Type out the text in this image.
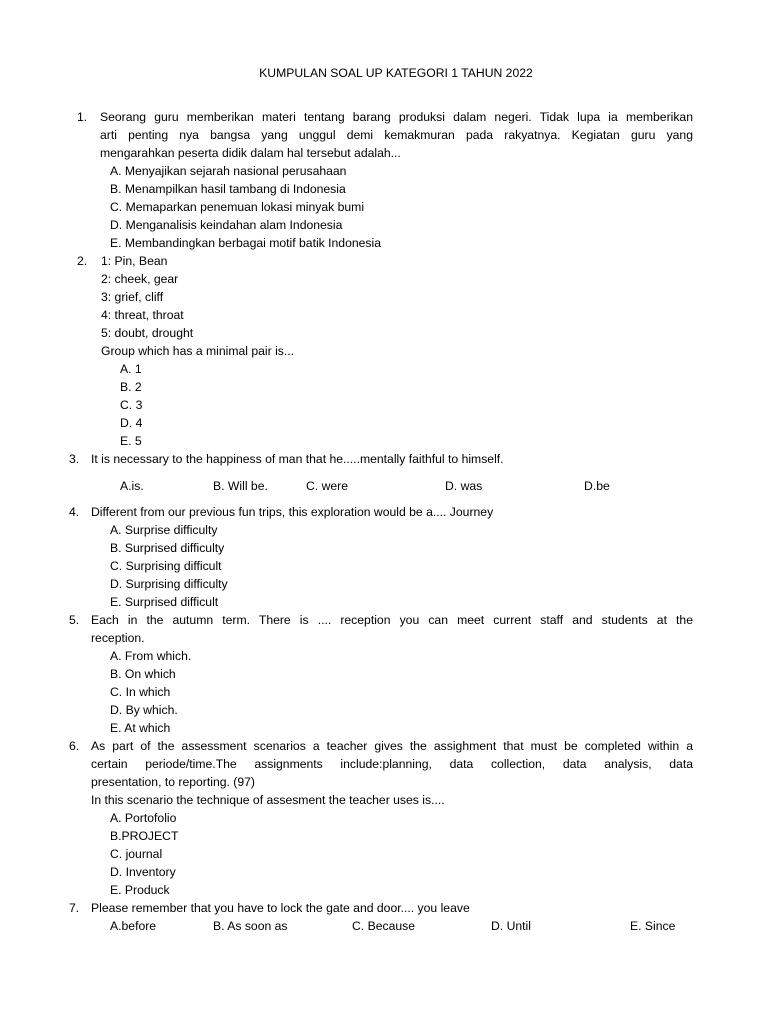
KUMPULAN SOAL UP KATEGORI 1 TAHUN 2022
1. Seorang guru memberikan materi tentang barang produksi dalam negeri. Tidak lupa ia memberikan
arti penting nya bangsa yang unggul demi kemakmuran pada rakyatnya. Kegiatan guru yang
mengarahkan peserta didik dalam hal tersebut adalah...
A. Menyajikan sejarah nasional perusahaan
B. Menampilkan hasil tambang di Indonesia
C. Memaparkan penemuan lokasi minyak bumi
D. Menganalisis keindahan alam Indonesia
E. Membandingkan berbagai motif batik Indonesia
2. 1: Pin, Bean
2: cheek, gear
3: grief, cliff
4: threat, throat
5: doubt, drought
Group which has a minimal pair is...
A. 1
B. 2
C. 3
D. 4
E. 5
3. It is necessary to the happiness of man that he.....mentally faithful to himself.
A.is.	B. Will be.	C. were	D. was	D.be
4. Different from our previous fun trips, this exploration would be a.... Journey
A. Surprise difficulty
B. Surprised difficulty
C. Surprising difficult
D. Surprising difficulty
E. Surprised difficult
5. Each in the autumn term. There is .... reception you can meet current staff and students at the
reception.
A. From which.
B. On which
C. In which
D. By which.
E. At which
6. As part of the assessment scenarios a teacher gives the assighment that must be completed within a
certain periode/time.The assignments include:planning, data collection, data analysis, data
presentation, to reporting. (97)
In this scenario the technique of assesment the teacher uses is....
A. Portofolio
B.PROJECT
C. journal
D. Inventory
E. Produck
7. Please remember that you have to lock the gate and door.... you leave
A.before	B. As soon as	C. Because	D. Until	E. Since
